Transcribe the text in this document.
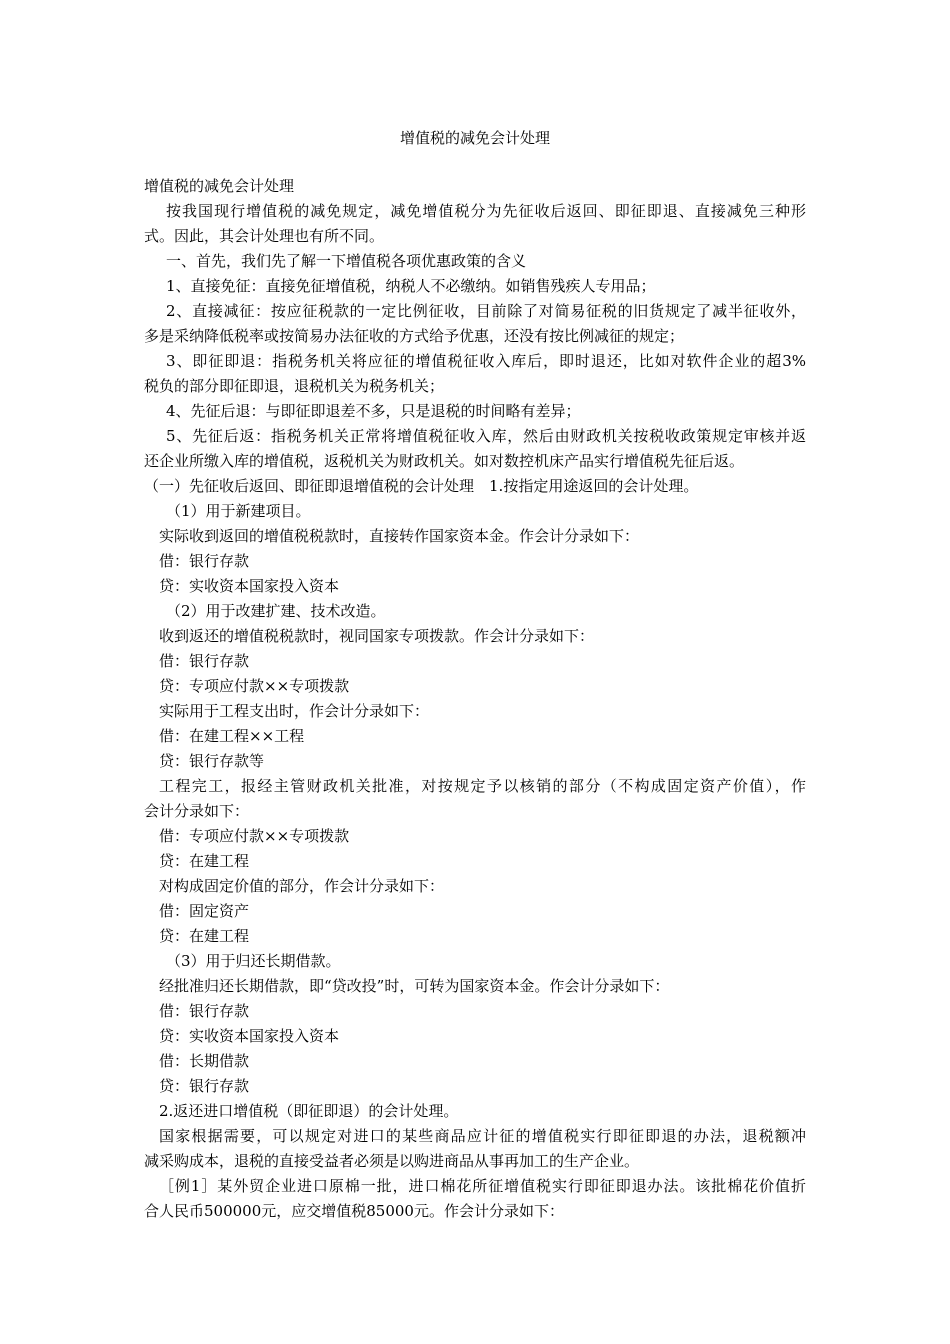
增值税的减免会计处理
增值税的减免会计处理
按我国现行增值税的减免规定，减免增值税分为先征收后返回、即征即退、直接减免三种形
式。因此，其会计处理也有所不同。
一、首先，我们先了解一下增值税各项优惠政策的含义
1、直接免征：直接免征增值税，纳税人不必缴纳。如销售残疾人专用品；
2、直接减征：按应征税款的一定比例征收，目前除了对简易征税的旧货规定了减半征收外，
多是采纳降低税率或按简易办法征收的方式给予优惠，还没有按比例减征的规定；
3、即征即退：指税务机关将应征的增值税征收入库后，即时退还，比如对软件企业的超3%
税负的部分即征即退，退税机关为税务机关；
4、先征后退：与即征即退差不多，只是退税的时间略有差异；
5、先征后返：指税务机关正常将增值税征收入库，然后由财政机关按税收政策规定审核并返
还企业所缴入库的增值税，返税机关为财政机关。如对数控机床产品实行增值税先征后返。
（一）先征收后返回、即征即退增值税的会计处理　1.按指定用途返回的会计处理。
（1）用于新建项目。
实际收到返回的增值税税款时，直接转作国家资本金。作会计分录如下：
借：银行存款
贷：实收资本国家投入资本
（2）用于改建扩建、技术改造。
收到返还的增值税税款时，视同国家专项拨款。作会计分录如下：
借：银行存款
贷：专项应付款××专项拨款
实际用于工程支出时，作会计分录如下：
借：在建工程××工程
贷：银行存款等
工程完工，报经主管财政机关批准，对按规定予以核销的部分（不构成固定资产价值），作
会计分录如下：
借：专项应付款××专项拨款
贷：在建工程
对构成固定价值的部分，作会计分录如下：
借：固定资产
贷：在建工程
（3）用于归还长期借款。
经批准归还长期借款，即“贷改投”时，可转为国家资本金。作会计分录如下：
借：银行存款
贷：实收资本国家投入资本
借：长期借款
贷：银行存款
2.返还进口增值税（即征即退）的会计处理。
国家根据需要，可以规定对进口的某些商品应计征的增值税实行即征即退的办法，退税额冲
减采购成本，退税的直接受益者必须是以购进商品从事再加工的生产企业。
［例1］某外贸企业进口原棉一批，进口棉花所征增值税实行即征即退办法。该批棉花价值折
合人民币500000元，应交增值税85000元。作会计分录如下：
